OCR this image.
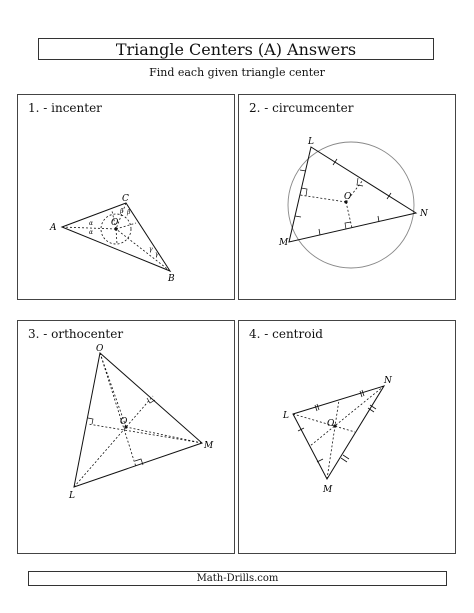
Triangle Centers (A) Answers
Find each given triangle center
1. - incenter
A
B
C
O
α
α
β β
γ
γ
2. - circumcenter
L
M
N
O
3. - orthocenter
O
L
M
O
4. - centroid
L
M
N
O
Math-Drills.com
